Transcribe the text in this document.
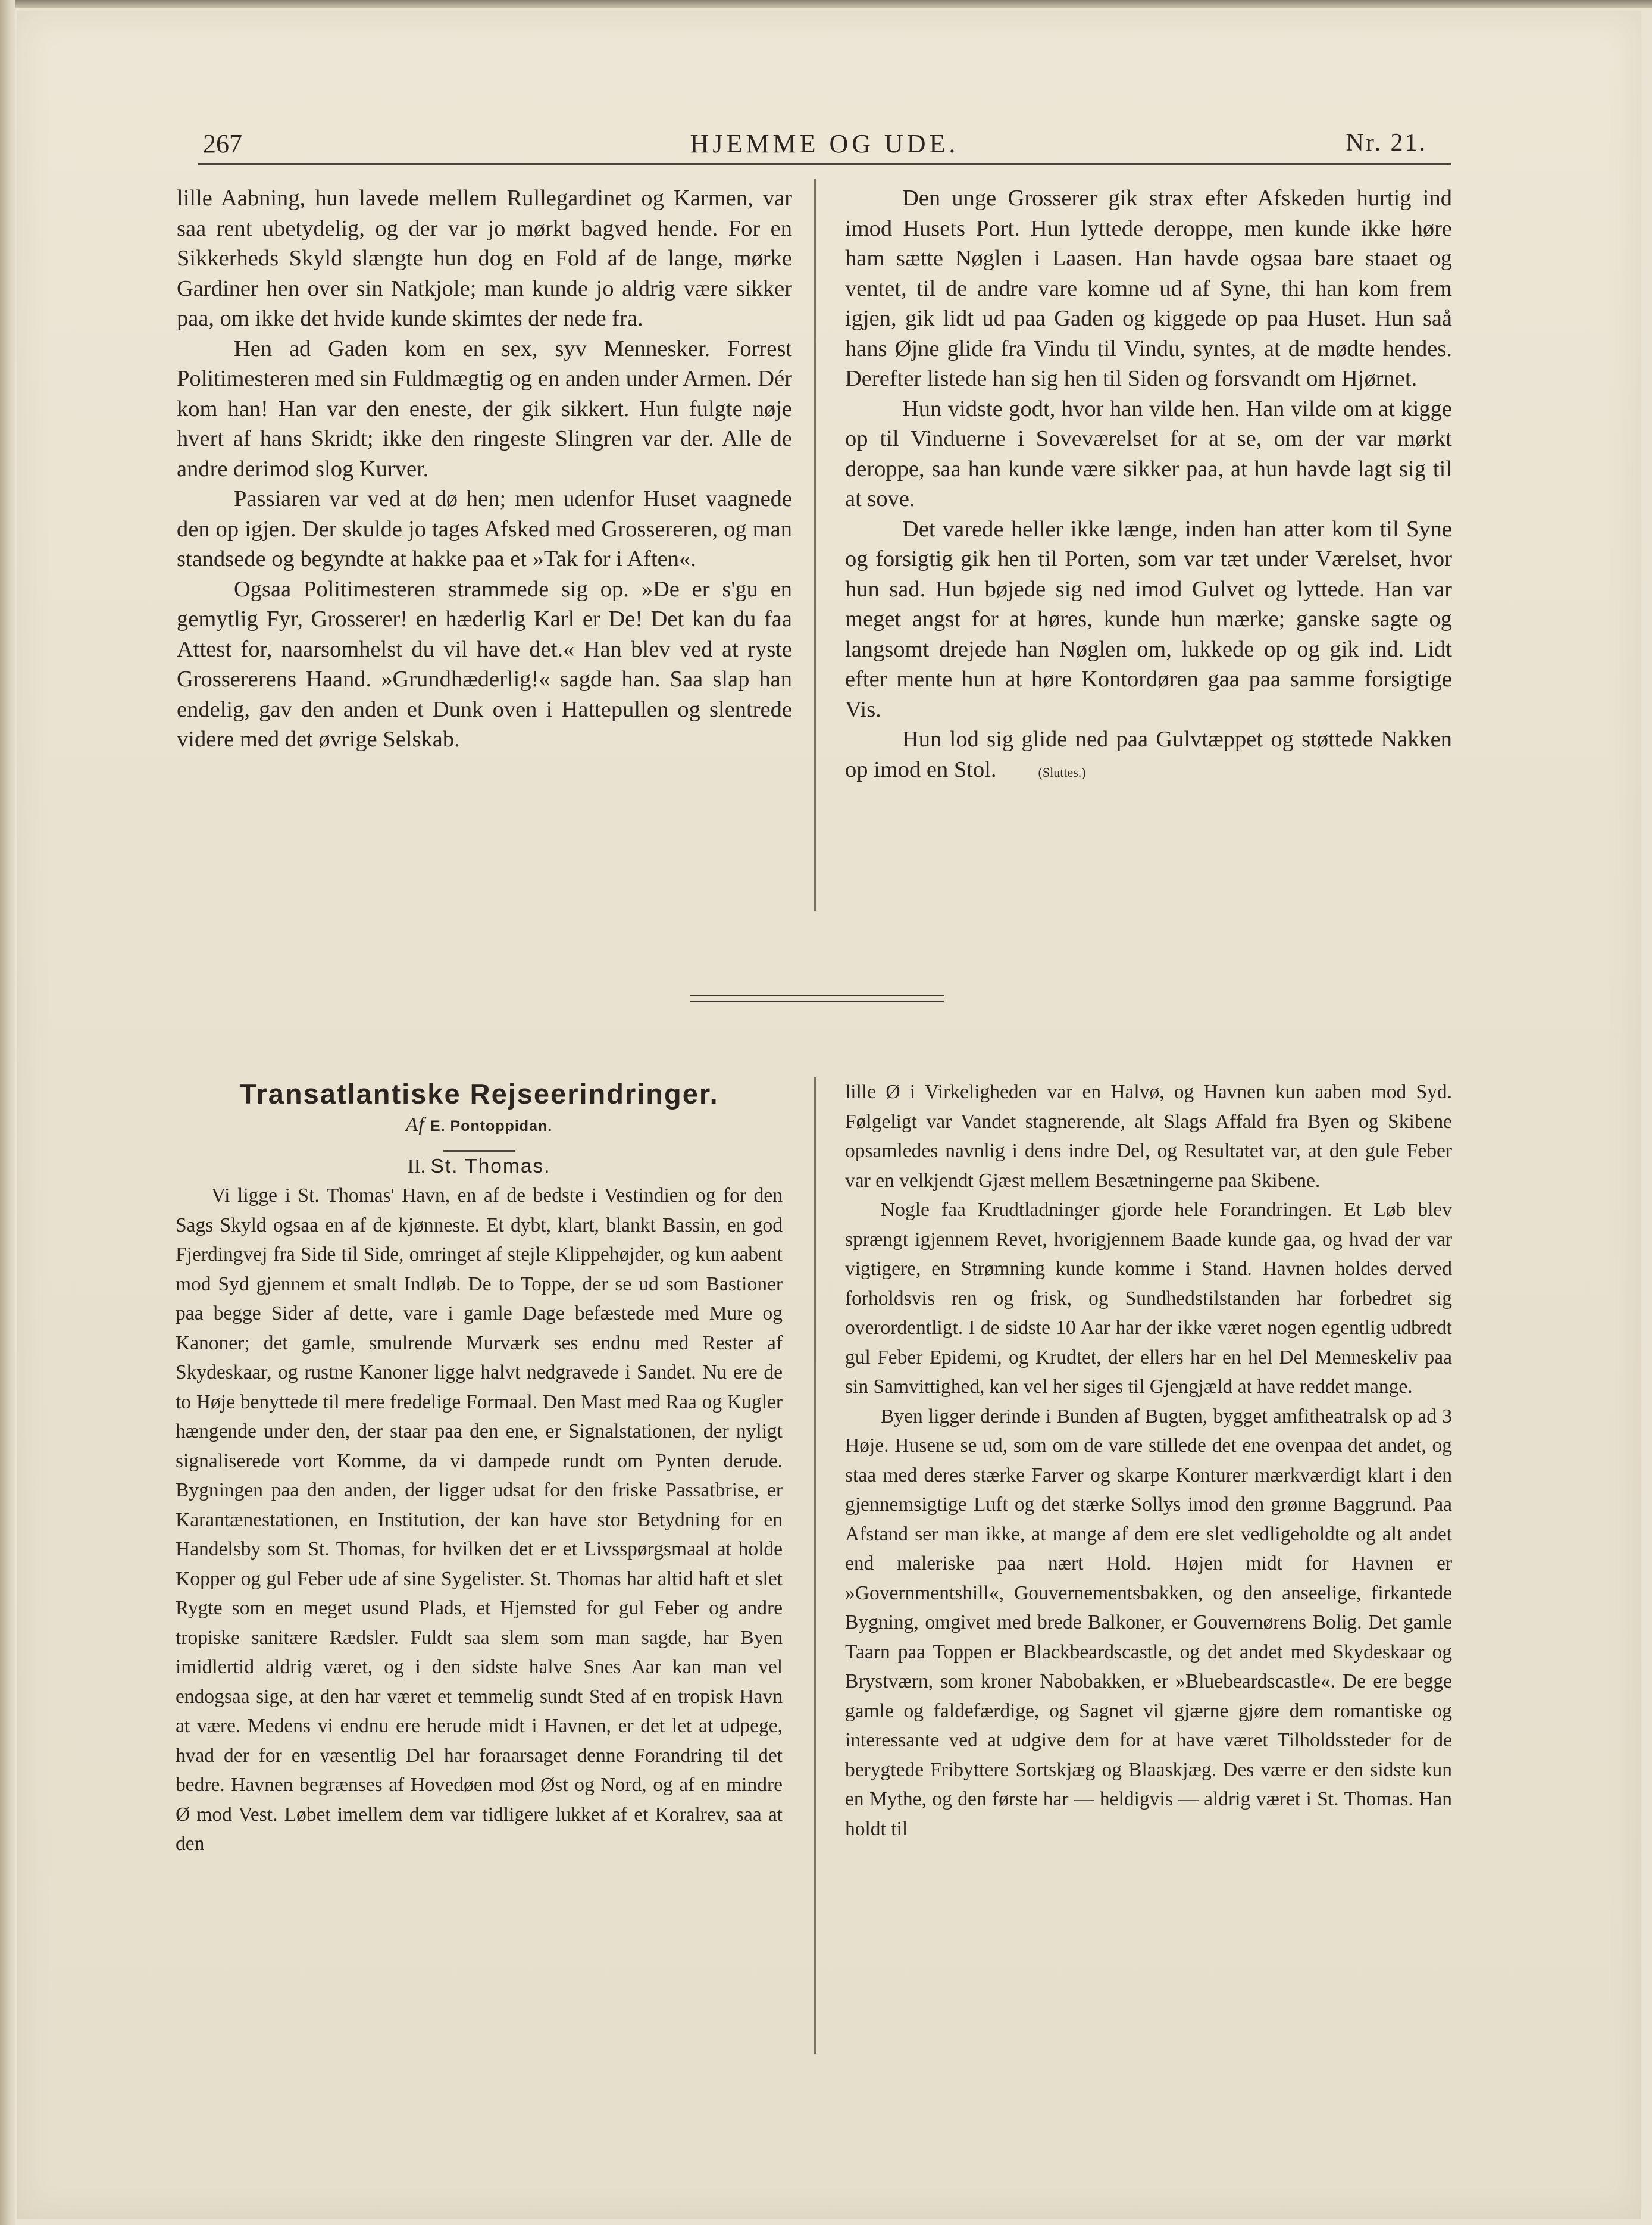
267	HJEMME OG UDE.	Nr. 21.

lille Aabning, hun lavede mellem Rullegardinet og Karmen, var saa rent ubetydelig, og der var jo mørkt bagved hende. For en Sikkerheds Skyld slængte hun dog en Fold af de lange, mørke Gardiner hen over sin Natkjole; man kunde jo aldrig være sikker paa, om ikke det hvide kunde skimtes der nede fra.

Hen ad Gaden kom en sex, syv Mennesker. Forrest Politimesteren med sin Fuldmægtig og en anden under Armen. Dér kom han! Han var den eneste, der gik sikkert. Hun fulgte nøje hvert af hans Skridt; ikke den ringeste Slingren var der. Alle de andre derimod slog Kurver.

Passiaren var ved at dø hen; men udenfor Huset vaagnede den op igjen. Der skulde jo tages Afsked med Grossereren, og man standsede og begyndte at hakke paa et »Tak for i Aften«.

Ogsaa Politimesteren strammede sig op. »De er s'gu en gemytlig Fyr, Grosserer! en hæderlig Karl er De! Det kan du faa Attest for, naarsomhelst du vil have det.« Han blev ved at ryste Grossererens Haand. »Grundhæderlig!« sagde han. Saa slap han endelig, gav den anden et Dunk oven i Hattepullen og slentrede videre med det øvrige Selskab.

Den unge Grosserer gik strax efter Afskeden hurtig ind imod Husets Port. Hun lyttede deroppe, men kunde ikke høre ham sætte Nøglen i Laasen. Han havde ogsaa bare staaet og ventet, til de andre vare komne ud af Syne, thi han kom frem igjen, gik lidt ud paa Gaden og kiggede op paa Huset. Hun saå hans Øjne glide fra Vindu til Vindu, syntes, at de mødte hendes. Derefter listede han sig hen til Siden og forsvandt om Hjørnet.

Hun vidste godt, hvor han vilde hen. Han vilde om at kigge op til Vinduerne i Soveværelset for at se, om der var mørkt deroppe, saa han kunde være sikker paa, at hun havde lagt sig til at sove.

Det varede heller ikke længe, inden han atter kom til Syne og forsigtig gik hen til Porten, som var tæt under Værelset, hvor hun sad. Hun bøjede sig ned imod Gulvet og lyttede. Han var meget angst for at høres, kunde hun mærke; ganske sagte og langsomt drejede han Nøglen om, lukkede op og gik ind. Lidt efter mente hun at høre Kontordøren gaa paa samme forsigtige Vis.

Hun lod sig glide ned paa Gulvtæppet og støttede Nakken op imod en Stol.	(Sluttes.)

Transatlantiske Rejseerindringer.

Af E. Pontoppidan.

II. St. Thomas.

Vi ligge i St. Thomas' Havn, en af de bedste i Vestindien og for den Sags Skyld ogsaa en af de kjønneste. Et dybt, klart, blankt Bassin, en god Fjerdingvej fra Side til Side, omringet af stejle Klippehøjder, og kun aabent mod Syd gjennem et smalt Indløb. De to Toppe, der se ud som Bastioner paa begge Sider af dette, vare i gamle Dage befæstede med Mure og Kanoner; det gamle, smulrende Murværk ses endnu med Rester af Skydeskaar, og rustne Kanoner ligge halvt nedgravede i Sandet. Nu ere de to Høje benyttede til mere fredelige Formaal. Den Mast med Raa og Kugler hængende under den, der staar paa den ene, er Signalstationen, der nyligt signaliserede vort Komme, da vi dampede rundt om Pynten derude. Bygningen paa den anden, der ligger udsat for den friske Passatbrise, er Karantænestationen, en Institution, der kan have stor Betydning for en Handelsby som St. Thomas, for hvilken det er et Livsspørgsmaal at holde Kopper og gul Feber ude af sine Sygelister. St. Thomas har altid haft et slet Rygte som en meget usund Plads, et Hjemsted for gul Feber og andre tropiske sanitære Rædsler. Fuldt saa slem som man sagde, har Byen imidlertid aldrig været, og i den sidste halve Snes Aar kan man vel endogsaa sige, at den har været et temmelig sundt Sted af en tropisk Havn at være. Medens vi endnu ere herude midt i Havnen, er det let at udpege, hvad der for en væsentlig Del har foraarsaget denne Forandring til det bedre. Havnen begrænses af Hovedøen mod Øst og Nord, og af en mindre Ø mod Vest. Løbet imellem dem var tidligere lukket af et Koralrev, saa at den

lille Ø i Virkeligheden var en Halvø, og Havnen kun aaben mod Syd. Følgeligt var Vandet stagnerende, alt Slags Affald fra Byen og Skibene opsamledes navnlig i dens indre Del, og Resultatet var, at den gule Feber var en velkjendt Gjæst mellem Besætningerne paa Skibene.

Nogle faa Krudtladninger gjorde hele Forandringen. Et Løb blev sprængt igjennem Revet, hvorigjennem Baade kunde gaa, og hvad der var vigtigere, en Strømning kunde komme i Stand. Havnen holdes derved forholdsvis ren og frisk, og Sundhedstilstanden har forbedret sig overordentligt. I de sidste 10 Aar har der ikke været nogen egentlig udbredt gul Feber Epidemi, og Krudtet, der ellers har en hel Del Menneskeliv paa sin Samvittighed, kan vel her siges til Gjengjæld at have reddet mange.

Byen ligger derinde i Bunden af Bugten, bygget amfitheatralsk op ad 3 Høje. Husene se ud, som om de vare stillede det ene ovenpaa det andet, og staa med deres stærke Farver og skarpe Konturer mærkværdigt klart i den gjennemsigtige Luft og det stærke Sollys imod den grønne Baggrund. Paa Afstand ser man ikke, at mange af dem ere slet vedligeholdte og alt andet end maleriske paa nært Hold. Højen midt for Havnen er »Governmentshill«, Gouvernementsbakken, og den anseelige, firkantede Bygning, omgivet med brede Balkoner, er Gouvernørens Bolig. Det gamle Taarn paa Toppen er Blackbeardscastle, og det andet med Skydeskaar og Brystværn, som kroner Nabobakken, er »Bluebeardscastle«. De ere begge gamle og faldefærdige, og Sagnet vil gjærne gjøre dem romantiske og interessante ved at udgive dem for at have været Tilholdssteder for de berygtede Fribyttere Sortskjæg og Blaaskjæg. Des værre er den sidste kun en Mythe, og den første har — heldigvis — aldrig været i St. Thomas. Han holdt til
